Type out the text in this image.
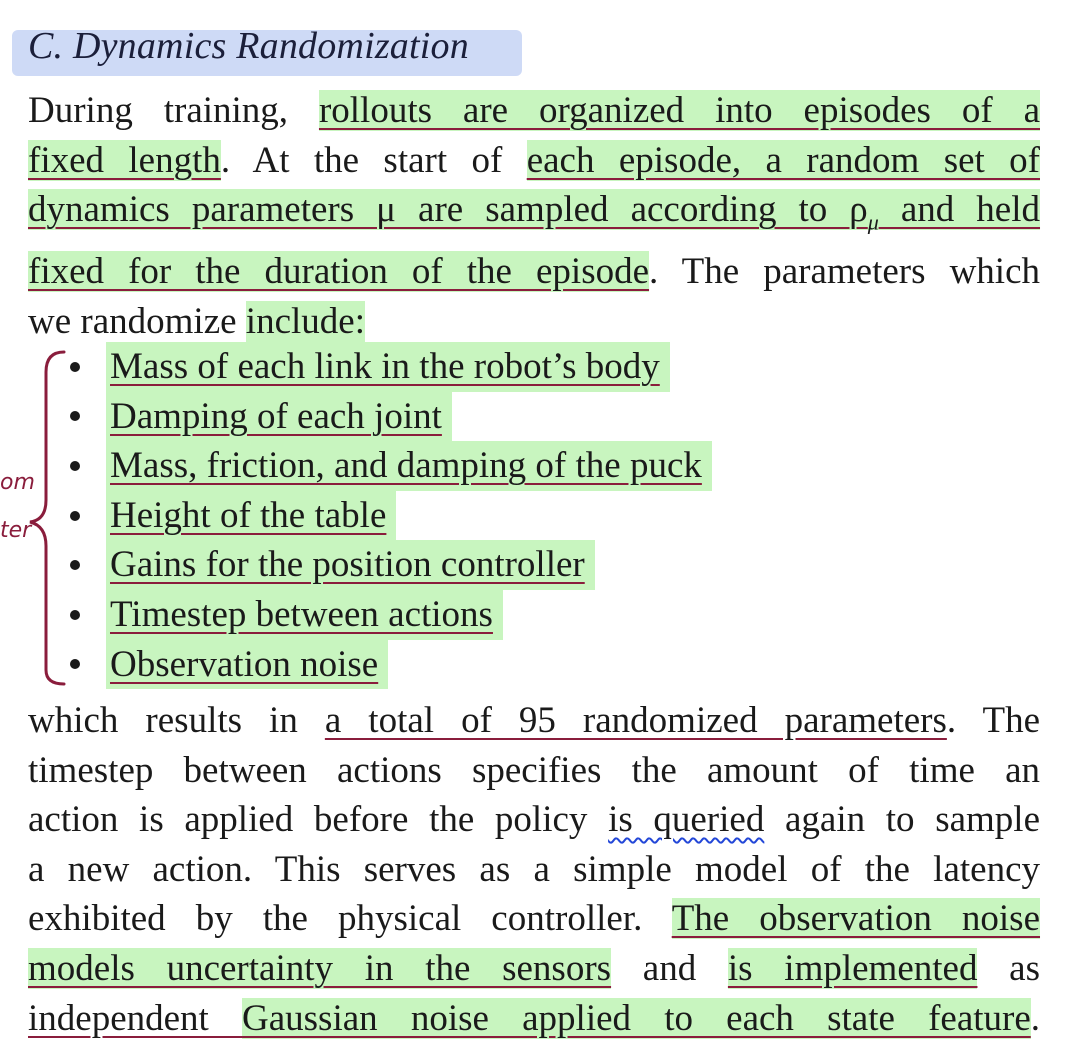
C. Dynamics Randomization
During training, rollouts are organized into episodes of a
fixed length. At the start of each episode, a random set of
dynamics parameters μ are sampled according to $\rho_\mu$ and held
fixed for the duration of the episode. The parameters which
we randomize include:
Mass of each link in the robot’s body
Damping of each joint
Mass, friction, and damping of the puck
Height of the table
Gains for the position controller
Timestep between actions
Observation noise
which results in a total of 95 randomized parameters. The
timestep between actions specifies the amount of time an
action is applied before the policy is queried again to sample
a new action. This serves as a simple model of the latency
exhibited by the physical controller. The observation noise
models uncertainty in the sensors and is implemented as
independent Gaussian noise applied to each state feature.
om
ter
